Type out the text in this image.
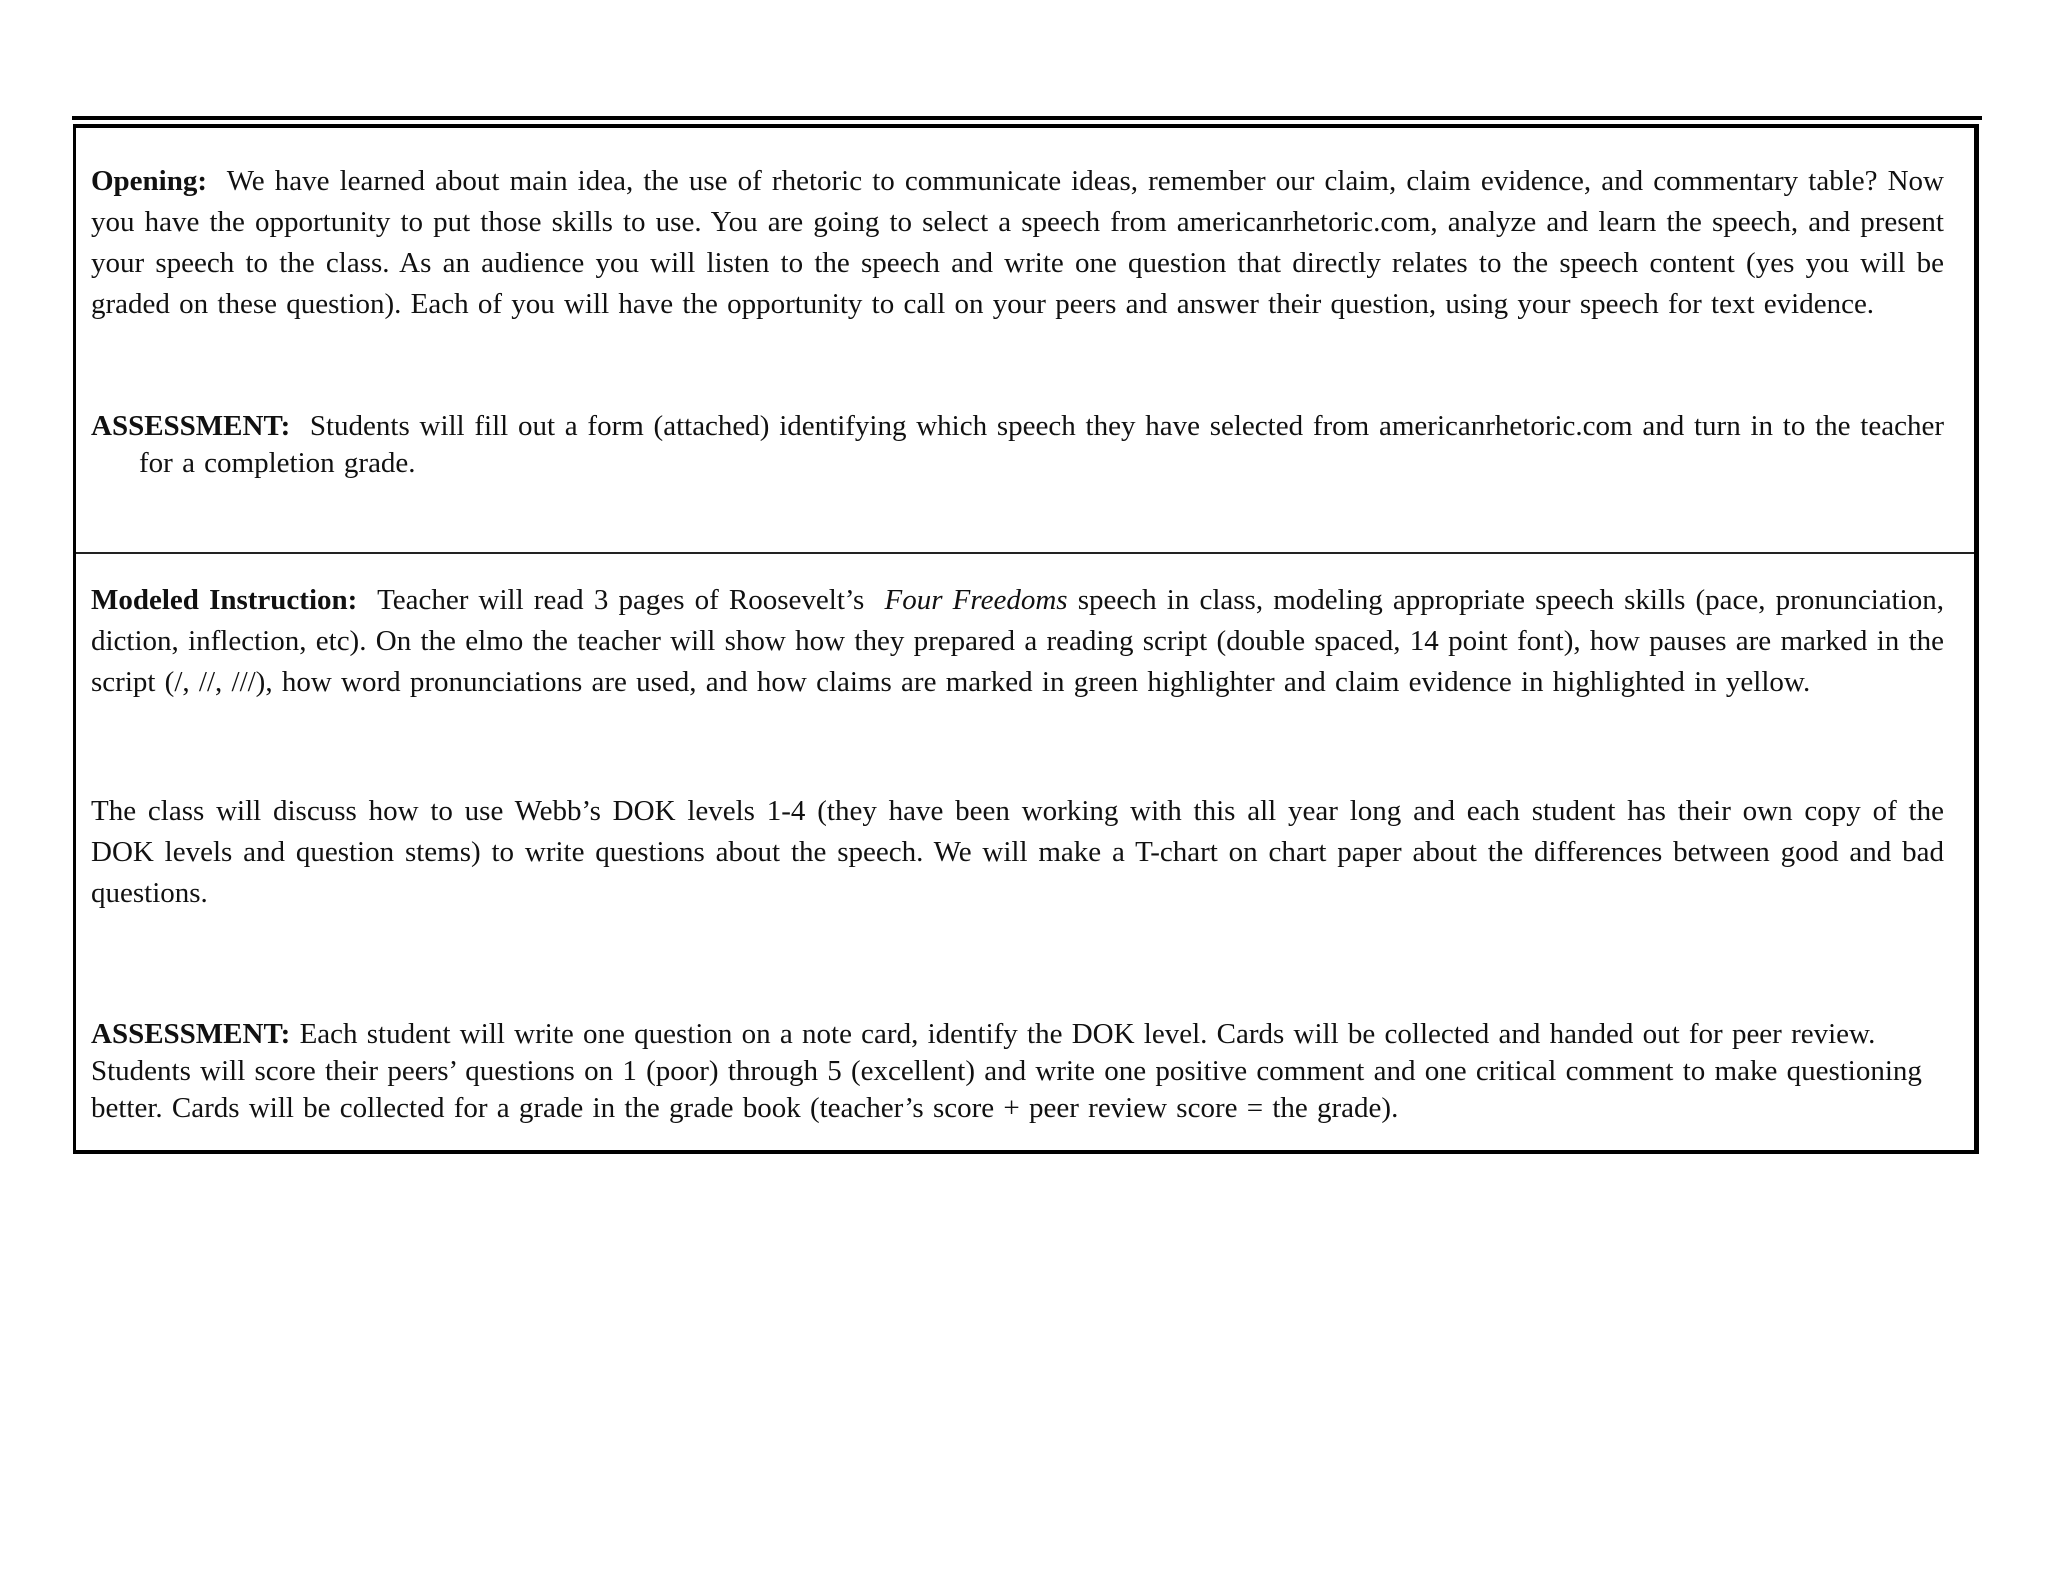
Opening: We have learned about main idea, the use of rhetoric to communicate ideas, remember our claim, claim evidence, and commentary table? Now you have the opportunity to put those skills to use. You are going to select a speech from americanrhetoric.com, analyze and learn the speech, and present your speech to the class. As an audience you will listen to the speech and write one question that directly relates to the speech content (yes you will be graded on these question). Each of you will have the opportunity to call on your peers and answer their question, using your speech for text evidence.

ASSESSMENT: Students will fill out a form (attached) identifying which speech they have selected from americanrhetoric.com and turn in to the teacher for a completion grade.

Modeled Instruction: Teacher will read 3 pages of Roosevelt’s Four Freedoms speech in class, modeling appropriate speech skills (pace, pronunciation, diction, inflection, etc). On the elmo the teacher will show how they prepared a reading script (double spaced, 14 point font), how pauses are marked in the script (/, //, ///), how word pronunciations are used, and how claims are marked in green highlighter and claim evidence in highlighted in yellow.

The class will discuss how to use Webb’s DOK levels 1-4 (they have been working with this all year long and each student has their own copy of the DOK levels and question stems) to write questions about the speech. We will make a T-chart on chart paper about the differences between good and bad questions.

ASSESSMENT: Each student will write one question on a note card, identify the DOK level. Cards will be collected and handed out for peer review. Students will score their peers’ questions on 1 (poor) through 5 (excellent) and write one positive comment and one critical comment to make questioning better. Cards will be collected for a grade in the grade book (teacher’s score + peer review score = the grade).
